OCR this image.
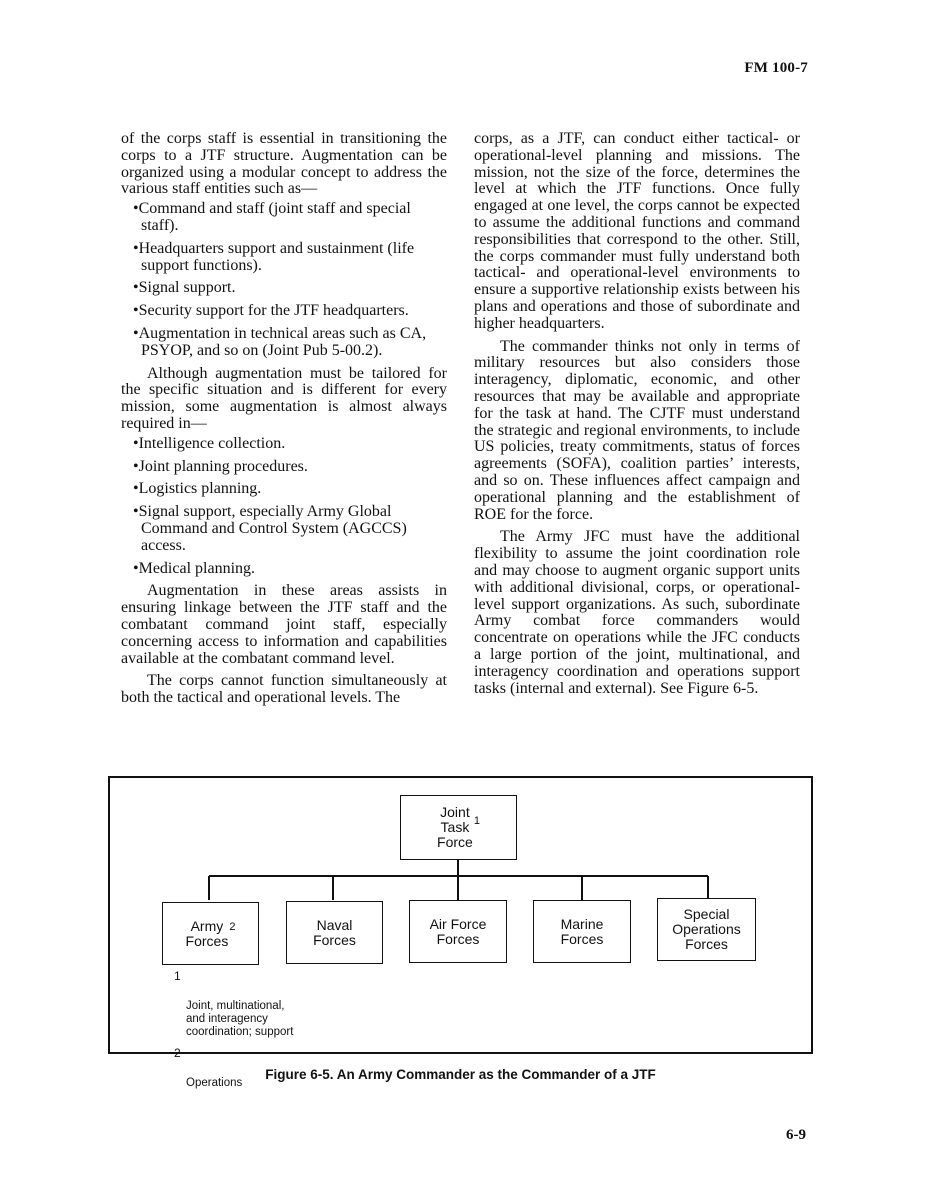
FM 100-7

of the corps staff is essential in transitioning the corps to a JTF structure. Augmentation can be organized using a modular concept to address the various staff entities such as—

•Command and staff (joint staff and special staff).
•Headquarters support and sustainment (life support functions).
•Signal support.
•Security support for the JTF headquarters.
•Augmentation in technical areas such as CA, PSYOP, and so on (Joint Pub 5-00.2).

Although augmentation must be tailored for the specific situation and is different for every mission, some augmentation is almost always required in—

•Intelligence collection.
•Joint planning procedures.
•Logistics planning.
•Signal support, especially Army Global Command and Control System (AGCCS) access.
•Medical planning.

Augmentation in these areas assists in ensuring linkage between the JTF staff and the combatant command joint staff, especially concerning access to information and capabilities available at the combatant command level.

The corps cannot function simultaneously at both the tactical and operational levels. The

corps, as a JTF, can conduct either tactical- or operational-level planning and missions. The mission, not the size of the force, determines the level at which the JTF functions. Once fully engaged at one level, the corps cannot be expected to assume the additional functions and command responsibilities that correspond to the other. Still, the corps commander must fully understand both tactical- and operational-level environments to ensure a supportive relationship exists between his plans and operations and those of subordinate and higher headquarters.

The commander thinks not only in terms of military resources but also considers those interagency, diplomatic, economic, and other resources that may be available and appropriate for the task at hand. The CJTF must understand the strategic and regional environments, to include US policies, treaty commitments, status of forces agreements (SOFA), coalition parties’ interests, and so on. These influences affect campaign and operational planning and the establishment of ROE for the force.

The Army JFC must have the additional flexibility to assume the joint coordination role and may choose to augment organic support units with additional divisional, corps, or operational-level support organizations. As such, subordinate Army combat force commanders would concentrate on operations while the JFC conducts a large portion of the joint, multinational, and interagency coordination and operations support tasks (internal and external). See Figure 6-5.

Joint
Task
Force
$^1$
Army
Forces
$^2$	Naval
Forces
Air Force
Forces
Marine
Forces
Special
Operations
Forces

1

Joint, multinational,
and interagency
coordination; support

2

Operations

Figure 6-5. An Army Commander as the Commander of a JTF
6-9
